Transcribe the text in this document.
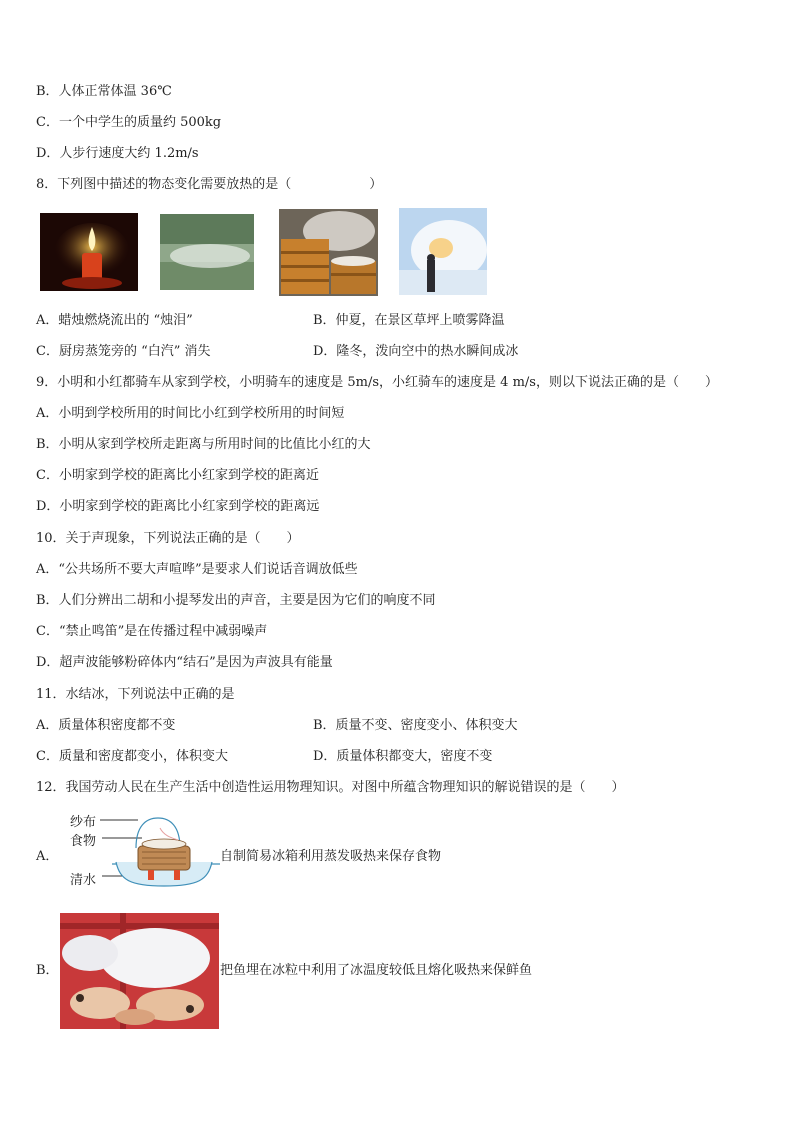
B．人体正常体温 36℃
C．一个中学生的质量约 500kg
D．人步行速度大约 1.2m/s
8．下列图中描述的物态变化需要放热的是（　　　　　　）
A．蜡烛燃烧流出的 “烛泪”	B．仲夏，在景区草坪上喷雾降温
C．厨房蒸笼旁的 “白汽” 消失	D．隆冬，泼向空中的热水瞬间成冰
9．小明和小红都骑车从家到学校，小明骑车的速度是 5m/s，小红骑车的速度是 4 m/s，则以下说法正确的是（　　）
A．小明到学校所用的时间比小红到学校所用的时间短
B．小明从家到学校所走距离与所用时间的比值比小红的大
C．小明家到学校的距离比小红家到学校的距离近
D．小明家到学校的距离比小红家到学校的距离远
10．关于声现象，下列说法正确的是（　　）
A．“公共场所不要大声喧哗”是要求人们说话音调放低些
B．人们分辨出二胡和小提琴发出的声音，主要是因为它们的响度不同
C．“禁止鸣笛”是在传播过程中减弱噪声
D．超声波能够粉碎体内“结石”是因为声波具有能量
11．水结冰，下列说法中正确的是
A．质量体积密度都不变	B．质量不变、密度变小、体积变大
C．质量和密度都变小，体积变大	D．质量体积都变大，密度不变
12．我国劳动人民在生产生活中创造性运用物理知识。对图中所蕴含物理知识的解说错误的是（　　）
A．
纱布
食物
清水
自制简易冰箱利用蒸发吸热来保存食物
B．	把鱼埋在冰粒中利用了冰温度较低且熔化吸热来保鲜鱼
